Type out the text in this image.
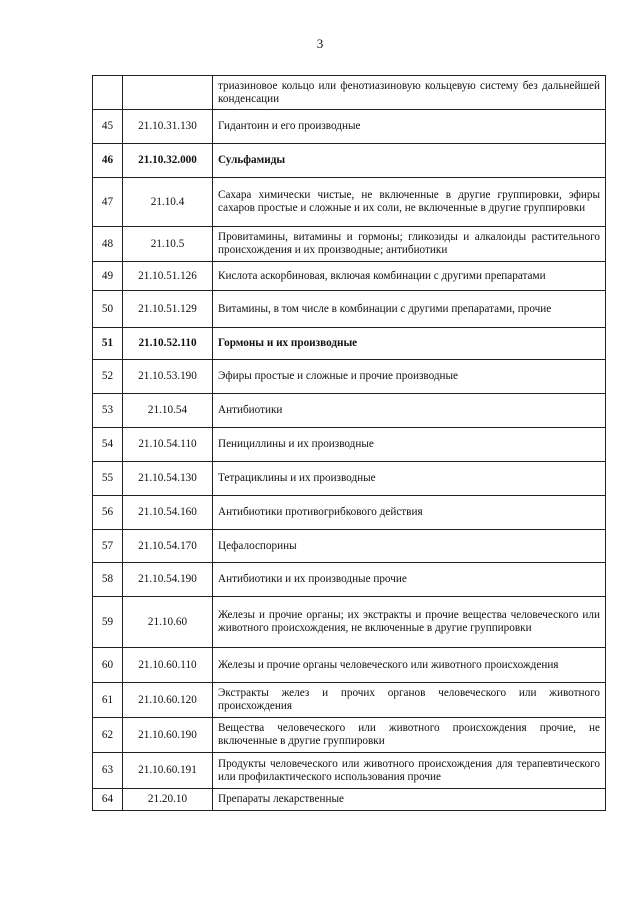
3
		триазиновое кольцо или фенотиазиновую кольцевую систему без дальнейшей конденсации
45	21.10.31.130	Гидантоин и его производные
46	21.10.32.000	Сульфамиды
47	21.10.4	Сахара химически чистые, не включенные в другие группировки, эфиры сахаров простые и сложные и их соли, не включенные в другие группировки
48	21.10.5	Провитамины, витамины и гормоны; гликозиды и алкалоиды растительного происхождения и их производные; антибиотики
49	21.10.51.126	Кислота аскорбиновая, включая комбинации с другими препаратами
50	21.10.51.129	Витамины, в том числе в комбинации с другими препаратами, прочие
51	21.10.52.110	Гормоны и их производные
52	21.10.53.190	Эфиры простые и сложные и прочие производные
53	21.10.54	Антибиотики
54	21.10.54.110	Пенициллины и их производные
55	21.10.54.130	Тетрациклины и их производные
56	21.10.54.160	Антибиотики противогрибкового действия
57	21.10.54.170	Цефалоспорины
58	21.10.54.190	Антибиотики и их производные прочие
59	21.10.60	Железы и прочие органы; их экстракты и прочие вещества человеческого или животного происхождения, не включенные в другие группировки
60	21.10.60.110	Железы и прочие органы человеческого или животного происхождения
61	21.10.60.120	Экстракты желез и прочих органов человеческого или животного происхождения
62	21.10.60.190	Вещества человеческого или животного происхождения прочие, не включенные в другие группировки
63	21.10.60.191	Продукты человеческого или животного происхождения для терапевтического или профилактического использования прочие
64	21.20.10	Препараты лекарственные
